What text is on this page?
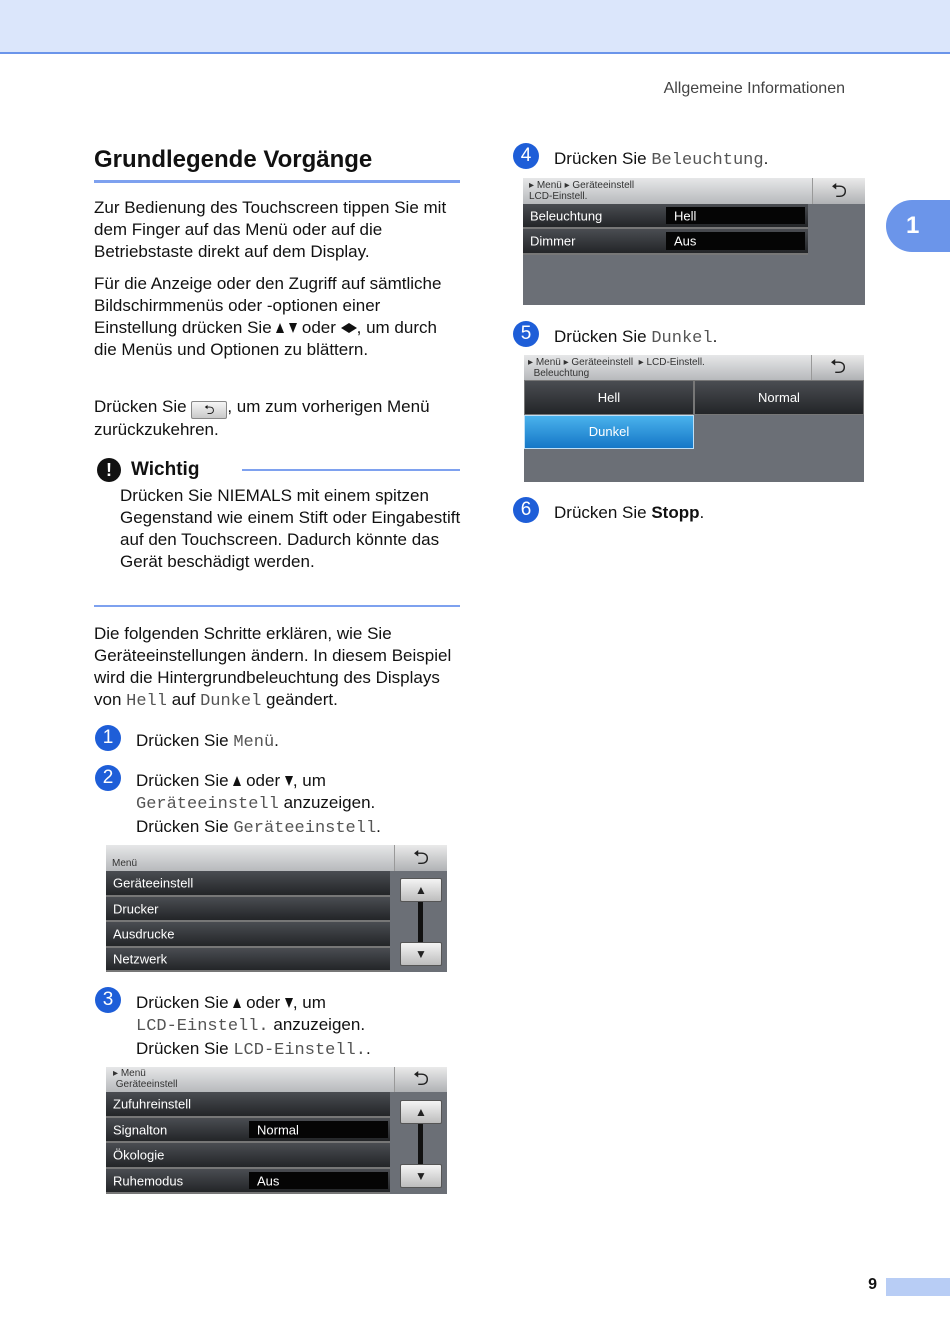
Allgemeine Informationen
1
9
Grundlegende Vorgänge

Zur Bedienung des Touchscreen tippen Sie mit dem Finger auf das Menü oder auf die Betriebstaste direkt auf dem Display.

Für die Anzeige oder den Zugriff auf sämtliche Bildschirmmenüs oder -optionen einer Einstellung drücken Sie oder , um durch die Menüs und Optionen zu blättern.

Drücken Sie ⮌ , um zum vorherigen Menü zurückzukehren.

!	Wichtig

Drücken Sie NIEMALS mit einem spitzen Gegenstand wie einem Stift oder Eingabestift auf den Touchscreen. Dadurch könnte das Gerät beschädigt werden.

Die folgenden Schritte erklären, wie Sie Geräteeinstellungen ändern. In diesem Beispiel wird die Hintergrundbeleuchtung des Displays von Hell auf Dunkel geändert.

1	Drücken Sie Menü.

2	Drücken Sie oder , um
Geräteeinstell anzuzeigen.
Drücken Sie Geräteeinstell.

Menü	⮌
Geräteeinstell
Drucker
Ausdrucke
Netzwerk
▲
▼
3	Drücken Sie oder , um
LCD-Einstell. anzuzeigen.
Drücken Sie LCD-Einstell..

▸ Menü
Geräteeinstell	⮌
Zufuhreinstell
Signalton	Normal
Ökologie
Ruhemodus	Aus
▲
▼
4	Drücken Sie Beleuchtung.

▸ Menü ▸ Geräteeinstell
LCD-Einstell.	⮌
Beleuchtung	Hell
Dimmer	Aus
5	Drücken Sie Dunkel.

▸ Menü ▸ Geräteeinstell  ▸ LCD-Einstell.
Beleuchtung	⮌
Hell	Normal
Dunkel
6	Drücken Sie Stopp.
